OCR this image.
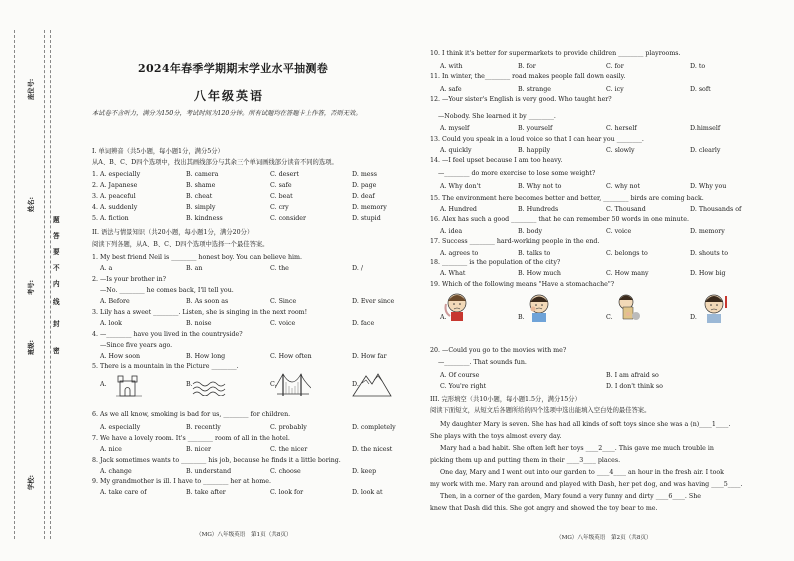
学校:
班级:
姓名:
座位号:
考号:
密
封
线
内
不
要
答
题
2024年春季学期期末学业水平抽测卷
八年级英语
本试卷不含听力，满分为150分，考试时间为120分钟。所有试题均在答题卡上作答，否则无效。
I. 单词辨音（共5小题，每小题1分，满分5分）
从A、B、C、D四个选项中，找出其画线部分与其余三个单词画线部分读音不同的选项。
1. A. especially	B. camera	C. desert	D. mess
2. A. Japanese	B. shame	C. safe	D. page
3. A. peaceful	B. cheat	C. beat	D. deaf
4. A. suddenly	B. simply	C. cry	D. memory
5. A. fiction	B. kindness	C. consider	D. stupid
II. 语法与情景知识（共20小题，每小题1分，满分20分）
阅读下列各题，从A、B、C、D四个选项中选择一个最佳答案。
1. My best friend Neil is ________ honest boy. You can believe him.
A. a	B. an	C. the	D. /
2. —Is your brother in?
—No. ________ he comes back, I'll tell you.
A. Before	B. As soon as	C. Since	D. Ever since
3. Lily has a sweet ________. Listen, she is singing in the next room!
A. look	B. noise	C. voice	D. face
4. —________ have you lived in the countryside?
—Since five years ago.
A. How soon	B. How long	C. How often	D. How far
5. There is a mountain in the Picture ________.
A.	B.	C.	D.
6. As we all know, smoking is bad for us, ________ for children.
A. especially	B. recently	C. probably	D. completely
7. We have a lovely room. It's ________ room of all in the hotel.
A. nice	B. nicer	C. the nicer	D. the nicest
8. Jack sometimes wants to ________ his job, because he finds it a little boring.
A. change	B. understand	C. choose	D. keep
9. My grandmother is ill. I have to ________ her at home.
A. take care of	B. take after	C. look for	D. look at
（MG）八年级英语　第1页（共8页）
10. I think it's better for supermarkets to provide children ________ playrooms.
A. with	B. for	C. for	D. to
11. In winter, the________ road makes people fall down easily.
A. safe	B. strange	C. icy	D. soft
12. —Your sister's English is very good. Who taught her?
—Nobody. She learned it by ________.
A. myself	B. yourself	C. herself	D.himself
13. Could you speak in a loud voice so that I can hear you ________.
A. quickly	B. happily	C. slowly	D. clearly
14. —I feel upset because I am too heavy.
—________ do more exercise to lose some weight?
A. Why don't	B. Why not to	C. why not	D. Why you
15. The environment here becomes better and better, ________ birds are coming back.
A. Hundred	B. Hundreds	C. Thousand	D. Thousands of
16. Alex has such a good ________ that he can remember 50 words in one minute.
A. idea	B. body	C. voice	D. memory
17. Success ________ hard-working people in the end.
A. agrees to	B. talks to	C. belongs to	D. shouts to
18. ________ is the population of the city?
A. What	B. How much	C. How many	D. How big
19. Which of the following means "Have a stomachache"?
A.	B.	C.	D.
20. —Could you go to the movies with me?
—________. That sounds fun.
A. Of course	B. I am afraid so
C. You're right	D. I don't think so
III. 完形填空（共10小题，每小题1.5分，满分15分）
阅读下面短文，从短文后各题所给的四个选项中选出能填入空白处的最佳答案。
My daughter Mary is seven. She has had all kinds of soft toys since she was a (n)____1____.
She plays with the toys almost every day.
Mary had a bad habit. She often left her toys ____2____. This gave me much trouble in
picking them up and putting them in their ____3____ places.
One day, Mary and I went out into our garden to ____4____ an hour in the fresh air. I took
my work with me. Mary ran around and played with Dash, her pet dog, and was having ____5____.
Then, in a corner of the garden, Mary found a very funny and dirty ____6____. She
knew that Dash did this. She got angry and showed the toy bear to me.
（MG）八年级英语　第2页（共8页）
